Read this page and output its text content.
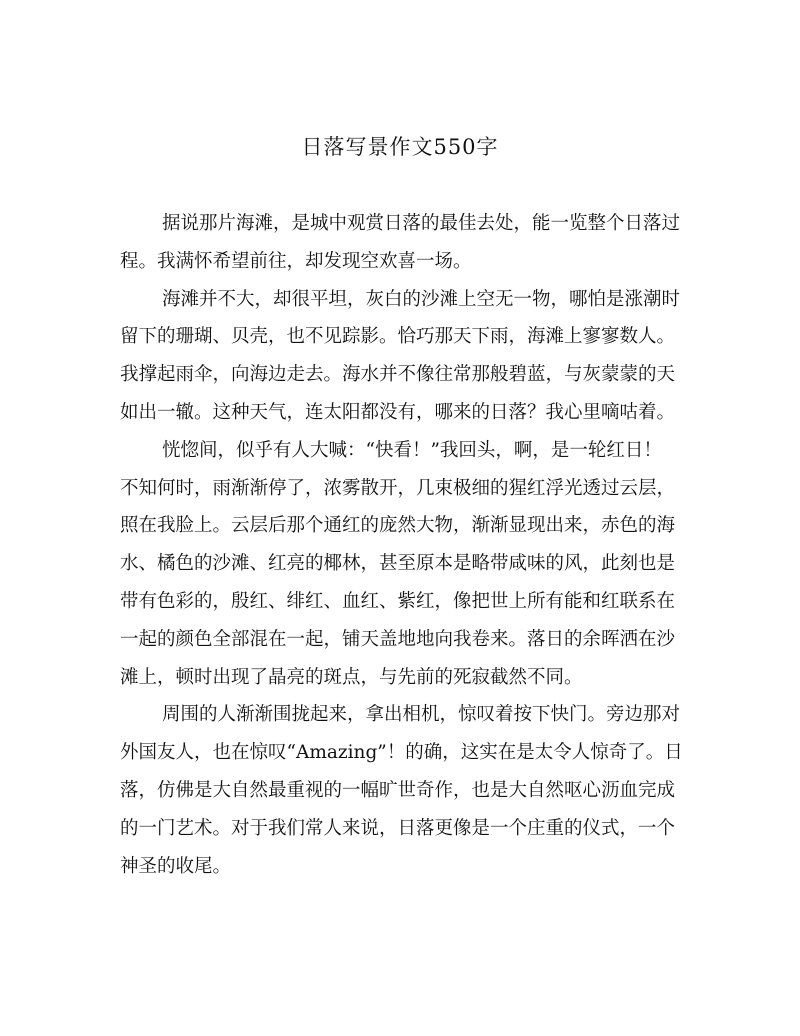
日落写景作文550字
据说那片海滩，是城中观赏日落的最佳去处，能一览整个日落过
程。我满怀希望前往，却发现空欢喜一场。
海滩并不大，却很平坦，灰白的沙滩上空无一物，哪怕是涨潮时
留下的珊瑚、贝壳，也不见踪影。恰巧那天下雨，海滩上寥寥数人。
我撑起雨伞，向海边走去。海水并不像往常那般碧蓝，与灰蒙蒙的天
如出一辙。这种天气，连太阳都没有，哪来的日落？我心里嘀咕着。
恍惚间，似乎有人大喊：“快看！”我回头，啊，是一轮红日！
不知何时，雨渐渐停了，浓雾散开，几束极细的猩红浮光透过云层，
照在我脸上。云层后那个通红的庞然大物，渐渐显现出来，赤色的海
水、橘色的沙滩、红亮的椰林，甚至原本是略带咸味的风，此刻也是
带有色彩的，殷红、绯红、血红、紫红，像把世上所有能和红联系在
一起的颜色全部混在一起，铺天盖地地向我卷来。落日的余晖洒在沙
滩上，顿时出现了晶亮的斑点，与先前的死寂截然不同。
周围的人渐渐围拢起来，拿出相机，惊叹着按下快门。旁边那对
外国友人，也在惊叹“Amazing”！的确，这实在是太令人惊奇了。日
落，仿佛是大自然最重视的一幅旷世奇作，也是大自然呕心沥血完成
的一门艺术。对于我们常人来说，日落更像是一个庄重的仪式，一个
神圣的收尾。
